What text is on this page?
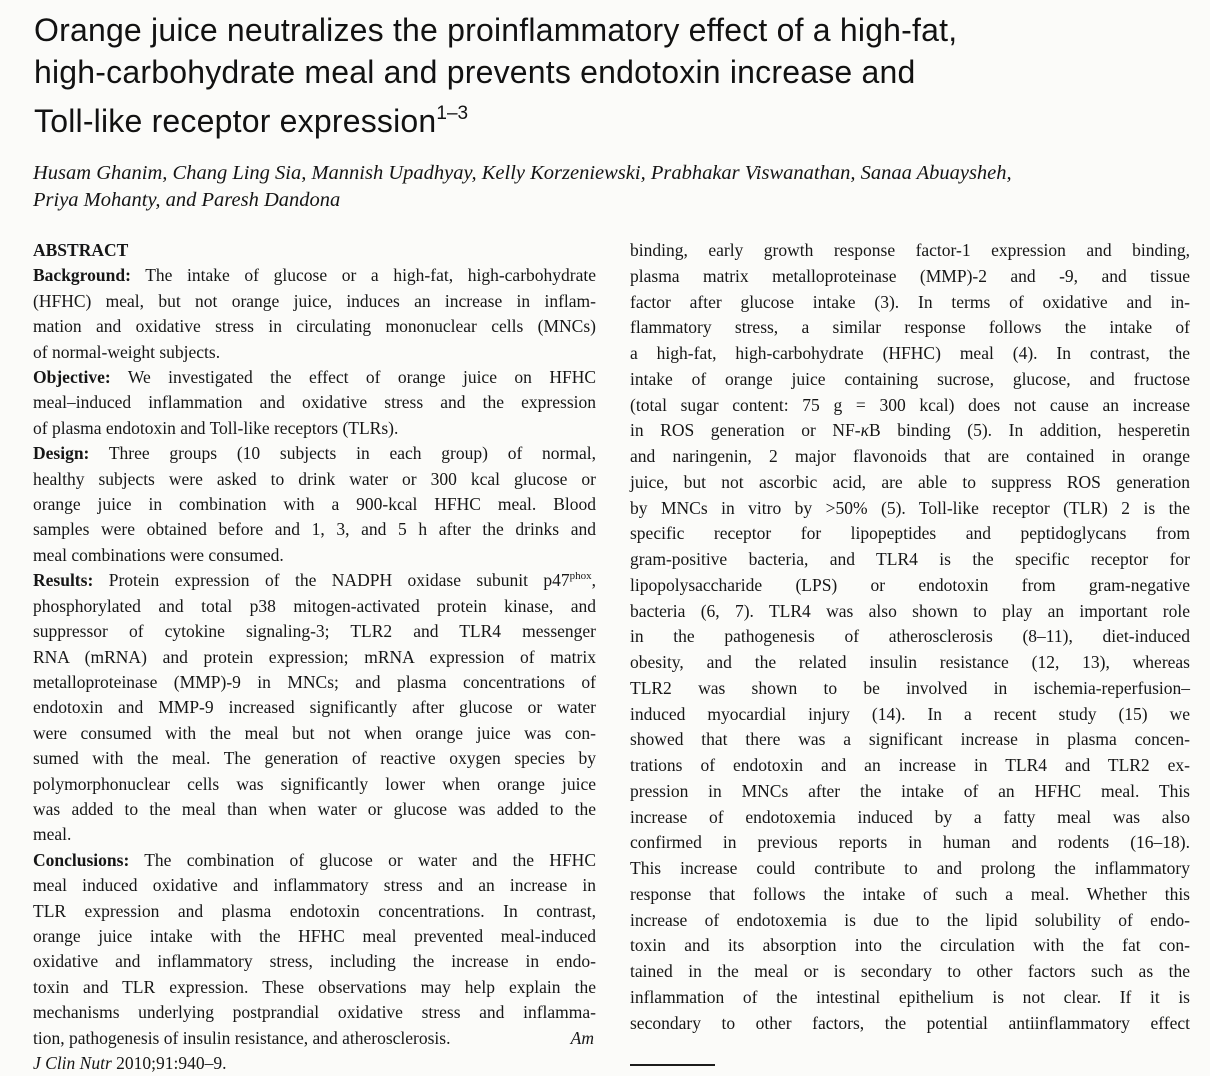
Orange juice neutralizes the proinflammatory effect of a high-fat,
high-carbohydrate meal and prevents endotoxin increase and
Toll-like receptor expression$^{1-3}$
Husam Ghanim, Chang Ling Sia, Mannish Upadhyay, Kelly Korzeniewski, Prabhakar Viswanathan, Sanaa Abuaysheh,
Priya Mohanty, and Paresh Dandona
ABSTRACT
Background: The intake of glucose or a high-fat, high-carbohydrate
(HFHC) meal, but not orange juice, induces an increase in inflam-
mation and oxidative stress in circulating mononuclear cells (MNCs)
of normal-weight subjects.
Objective: We investigated the effect of orange juice on HFHC
meal–induced inflammation and oxidative stress and the expression
of plasma endotoxin and Toll-like receptors (TLRs).
Design: Three groups (10 subjects in each group) of normal,
healthy subjects were asked to drink water or 300 kcal glucose or
orange juice in combination with a 900-kcal HFHC meal. Blood
samples were obtained before and 1, 3, and 5 h after the drinks and
meal combinations were consumed.
Results: Protein expression of the NADPH oxidase subunit $p47^{phox}$,
phosphorylated and total p38 mitogen-activated protein kinase, and
suppressor of cytokine signaling-3; TLR2 and TLR4 messenger
RNA (mRNA) and protein expression; mRNA expression of matrix
metalloproteinase (MMP)-9 in MNCs; and plasma concentrations of
endotoxin and MMP-9 increased significantly after glucose or water
were consumed with the meal but not when orange juice was con-
sumed with the meal. The generation of reactive oxygen species by
polymorphonuclear cells was significantly lower when orange juice
was added to the meal than when water or glucose was added to the
meal.
Conclusions: The combination of glucose or water and the HFHC
meal induced oxidative and inflammatory stress and an increase in
TLR expression and plasma endotoxin concentrations. In contrast,
orange juice intake with the HFHC meal prevented meal-induced
oxidative and inflammatory stress, including the increase in endo-
toxin and TLR expression. These observations may help explain the
mechanisms underlying postprandial oxidative stress and inflamma-
tion, pathogenesis of insulin resistance, and atherosclerosis.	Am
J Clin Nutr 2010;91:940–9.
binding, early growth response factor-1 expression and binding,
plasma matrix metalloproteinase (MMP)-2 and -9, and tissue
factor after glucose intake (3). In terms of oxidative and in-
flammatory stress, a similar response follows the intake of
a high-fat, high-carbohydrate (HFHC) meal (4). In contrast, the
intake of orange juice containing sucrose, glucose, and fructose
(total sugar content: 75 g = 300 kcal) does not cause an increase
in ROS generation or NF-κB binding (5). In addition, hesperetin
and naringenin, 2 major flavonoids that are contained in orange
juice, but not ascorbic acid, are able to suppress ROS generation
by MNCs in vitro by >50% (5). Toll-like receptor (TLR) 2 is the
specific receptor for lipopeptides and peptidoglycans from
gram-positive bacteria, and TLR4 is the specific receptor for
lipopolysaccharide (LPS) or endotoxin from gram-negative
bacteria (6, 7). TLR4 was also shown to play an important role
in the pathogenesis of atherosclerosis (8–11), diet-induced
obesity, and the related insulin resistance (12, 13), whereas
TLR2 was shown to be involved in ischemia-reperfusion–
induced myocardial injury (14). In a recent study (15) we
showed that there was a significant increase in plasma concen-
trations of endotoxin and an increase in TLR4 and TLR2 ex-
pression in MNCs after the intake of an HFHC meal. This
increase of endotoxemia induced by a fatty meal was also
confirmed in previous reports in human and rodents (16–18).
This increase could contribute to and prolong the inflammatory
response that follows the intake of such a meal. Whether this
increase of endotoxemia is due to the lipid solubility of endo-
toxin and its absorption into the circulation with the fat con-
tained in the meal or is secondary to other factors such as the
inflammation of the intestinal epithelium is not clear. If it is
secondary to other factors, the potential antiinflammatory effect
